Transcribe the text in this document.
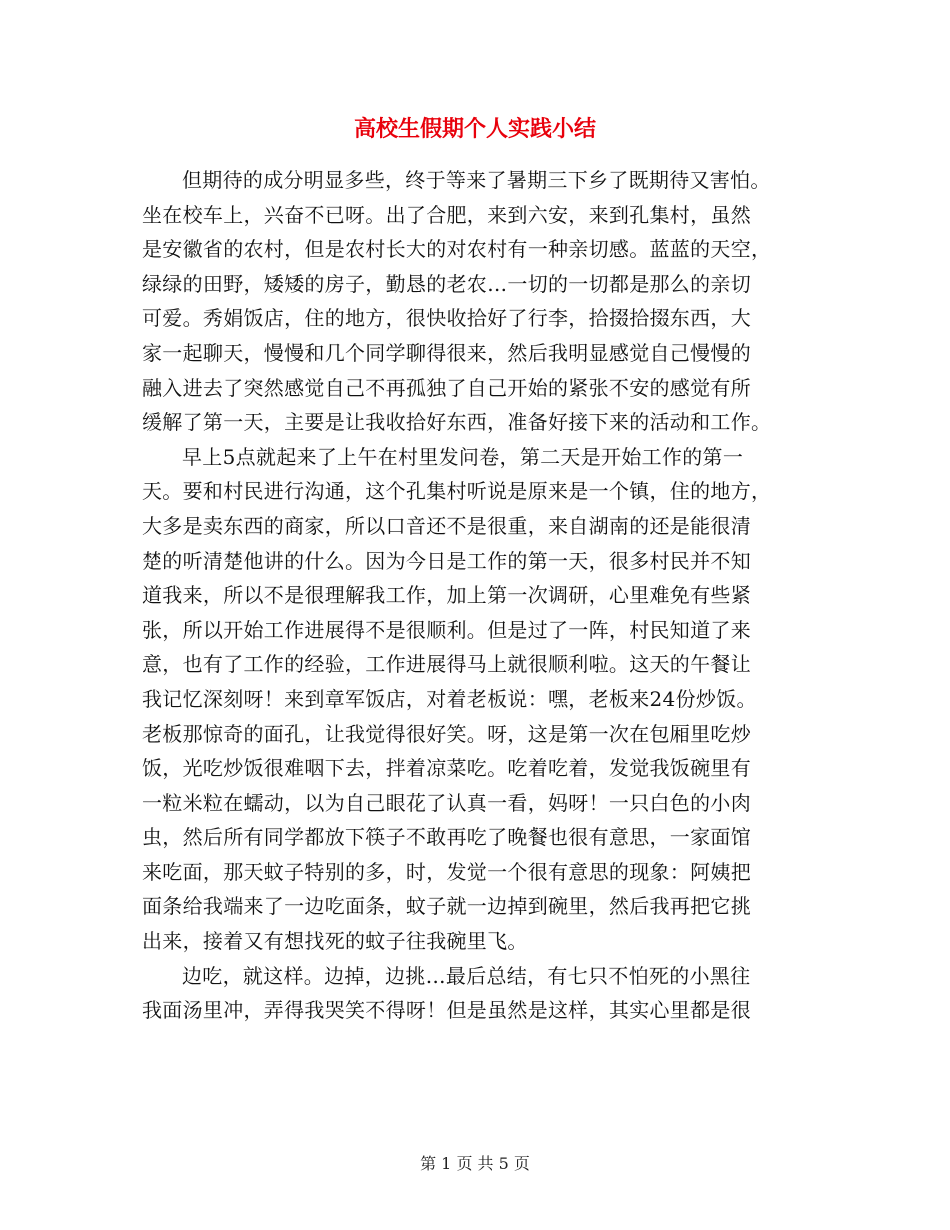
高校生假期个人实践小结

但期待的成分明显多些，终于等来了暑期三下乡了既期待又害怕。

坐在校车上，兴奋不已呀。出了合肥，来到六安，来到孔集村，虽然

是安徽省的农村，但是农村长大的对农村有一种亲切感。蓝蓝的天空，

绿绿的田野，矮矮的房子，勤恳的老农…一切的一切都是那么的亲切

可爱。秀娟饭店，住的地方，很快收拾好了行李，拾掇拾掇东西，大

家一起聊天，慢慢和几个同学聊得很来，然后我明显感觉自己慢慢的

融入进去了突然感觉自己不再孤独了自己开始的紧张不安的感觉有所

缓解了第一天，主要是让我收拾好东西，准备好接下来的活动和工作。

早上5点就起来了上午在村里发问卷，第二天是开始工作的第一

天。要和村民进行沟通，这个孔集村听说是原来是一个镇，住的地方，

大多是卖东西的商家，所以口音还不是很重，来自湖南的还是能很清

楚的听清楚他讲的什么。因为今日是工作的第一天，很多村民并不知

道我来，所以不是很理解我工作，加上第一次调研，心里难免有些紧

张，所以开始工作进展得不是很顺利。但是过了一阵，村民知道了来

意，也有了工作的经验，工作进展得马上就很顺利啦。这天的午餐让

我记忆深刻呀！来到章军饭店，对着老板说：嘿，老板来24份炒饭。

老板那惊奇的面孔，让我觉得很好笑。呀，这是第一次在包厢里吃炒

饭，光吃炒饭很难咽下去，拌着凉菜吃。吃着吃着，发觉我饭碗里有

一粒米粒在蠕动，以为自己眼花了认真一看，妈呀！一只白色的小肉

虫，然后所有同学都放下筷子不敢再吃了晚餐也很有意思，一家面馆

来吃面，那天蚊子特别的多，时，发觉一个很有意思的现象：阿姨把

面条给我端来了一边吃面条，蚊子就一边掉到碗里，然后我再把它挑

出来，接着又有想找死的蚊子往我碗里飞。

边吃，就这样。边掉，边挑…最后总结，有七只不怕死的小黑往

我面汤里冲，弄得我哭笑不得呀！但是虽然是这样，其实心里都是很

第 1 页 共 5 页
